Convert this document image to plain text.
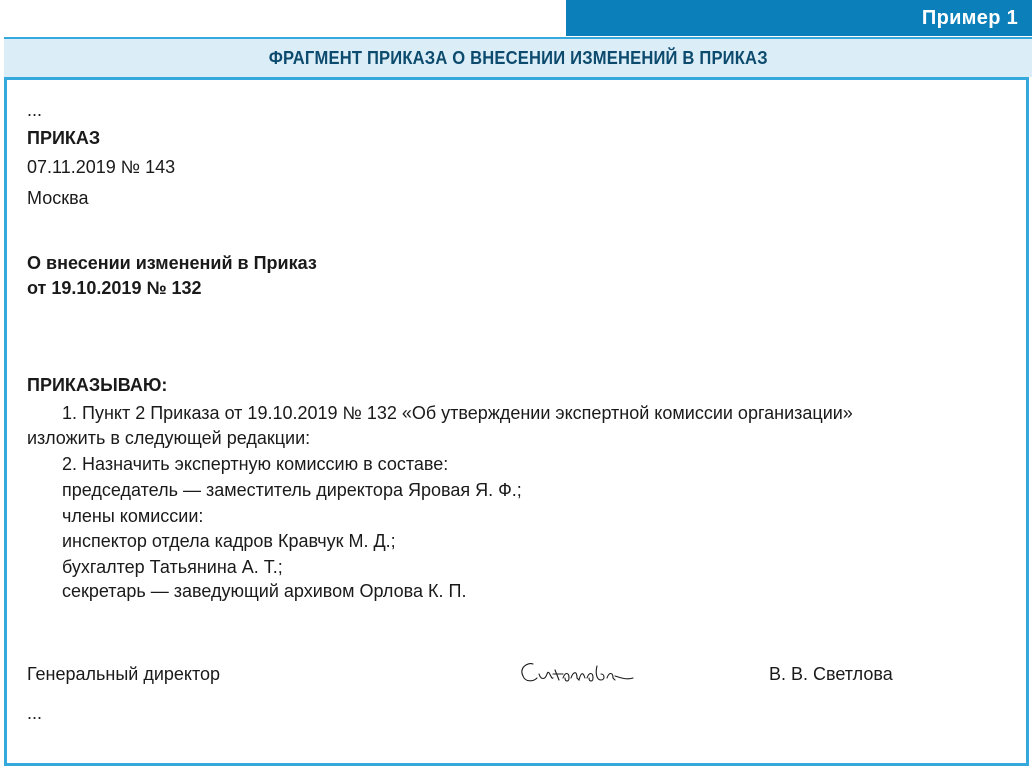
Пример 1
ФРАГМЕНТ ПРИКАЗА О ВНЕСЕНИИ ИЗМЕНЕНИЙ В ПРИКАЗ
...
ПРИКАЗ
07.11.2019 № 143
Москва
О внесении изменений в Приказ
от 19.10.2019 № 132
ПРИКАЗЫВАЮ:
1. Пункт 2 Приказа от 19.10.2019 № 132 «Об утверждении экспертной комиссии организации»
изложить в следующей редакции:
2. Назначить экспертную комиссию в составе:
председатель — заместитель директора Яровая Я. Ф.;
члены комиссии:
инспектор отдела кадров Кравчук М. Д.;
бухгалтер Татьянина А. Т.;
секретарь — заведующий архивом Орлова К. П.
Генеральный директор	В. В. Светлова
...
